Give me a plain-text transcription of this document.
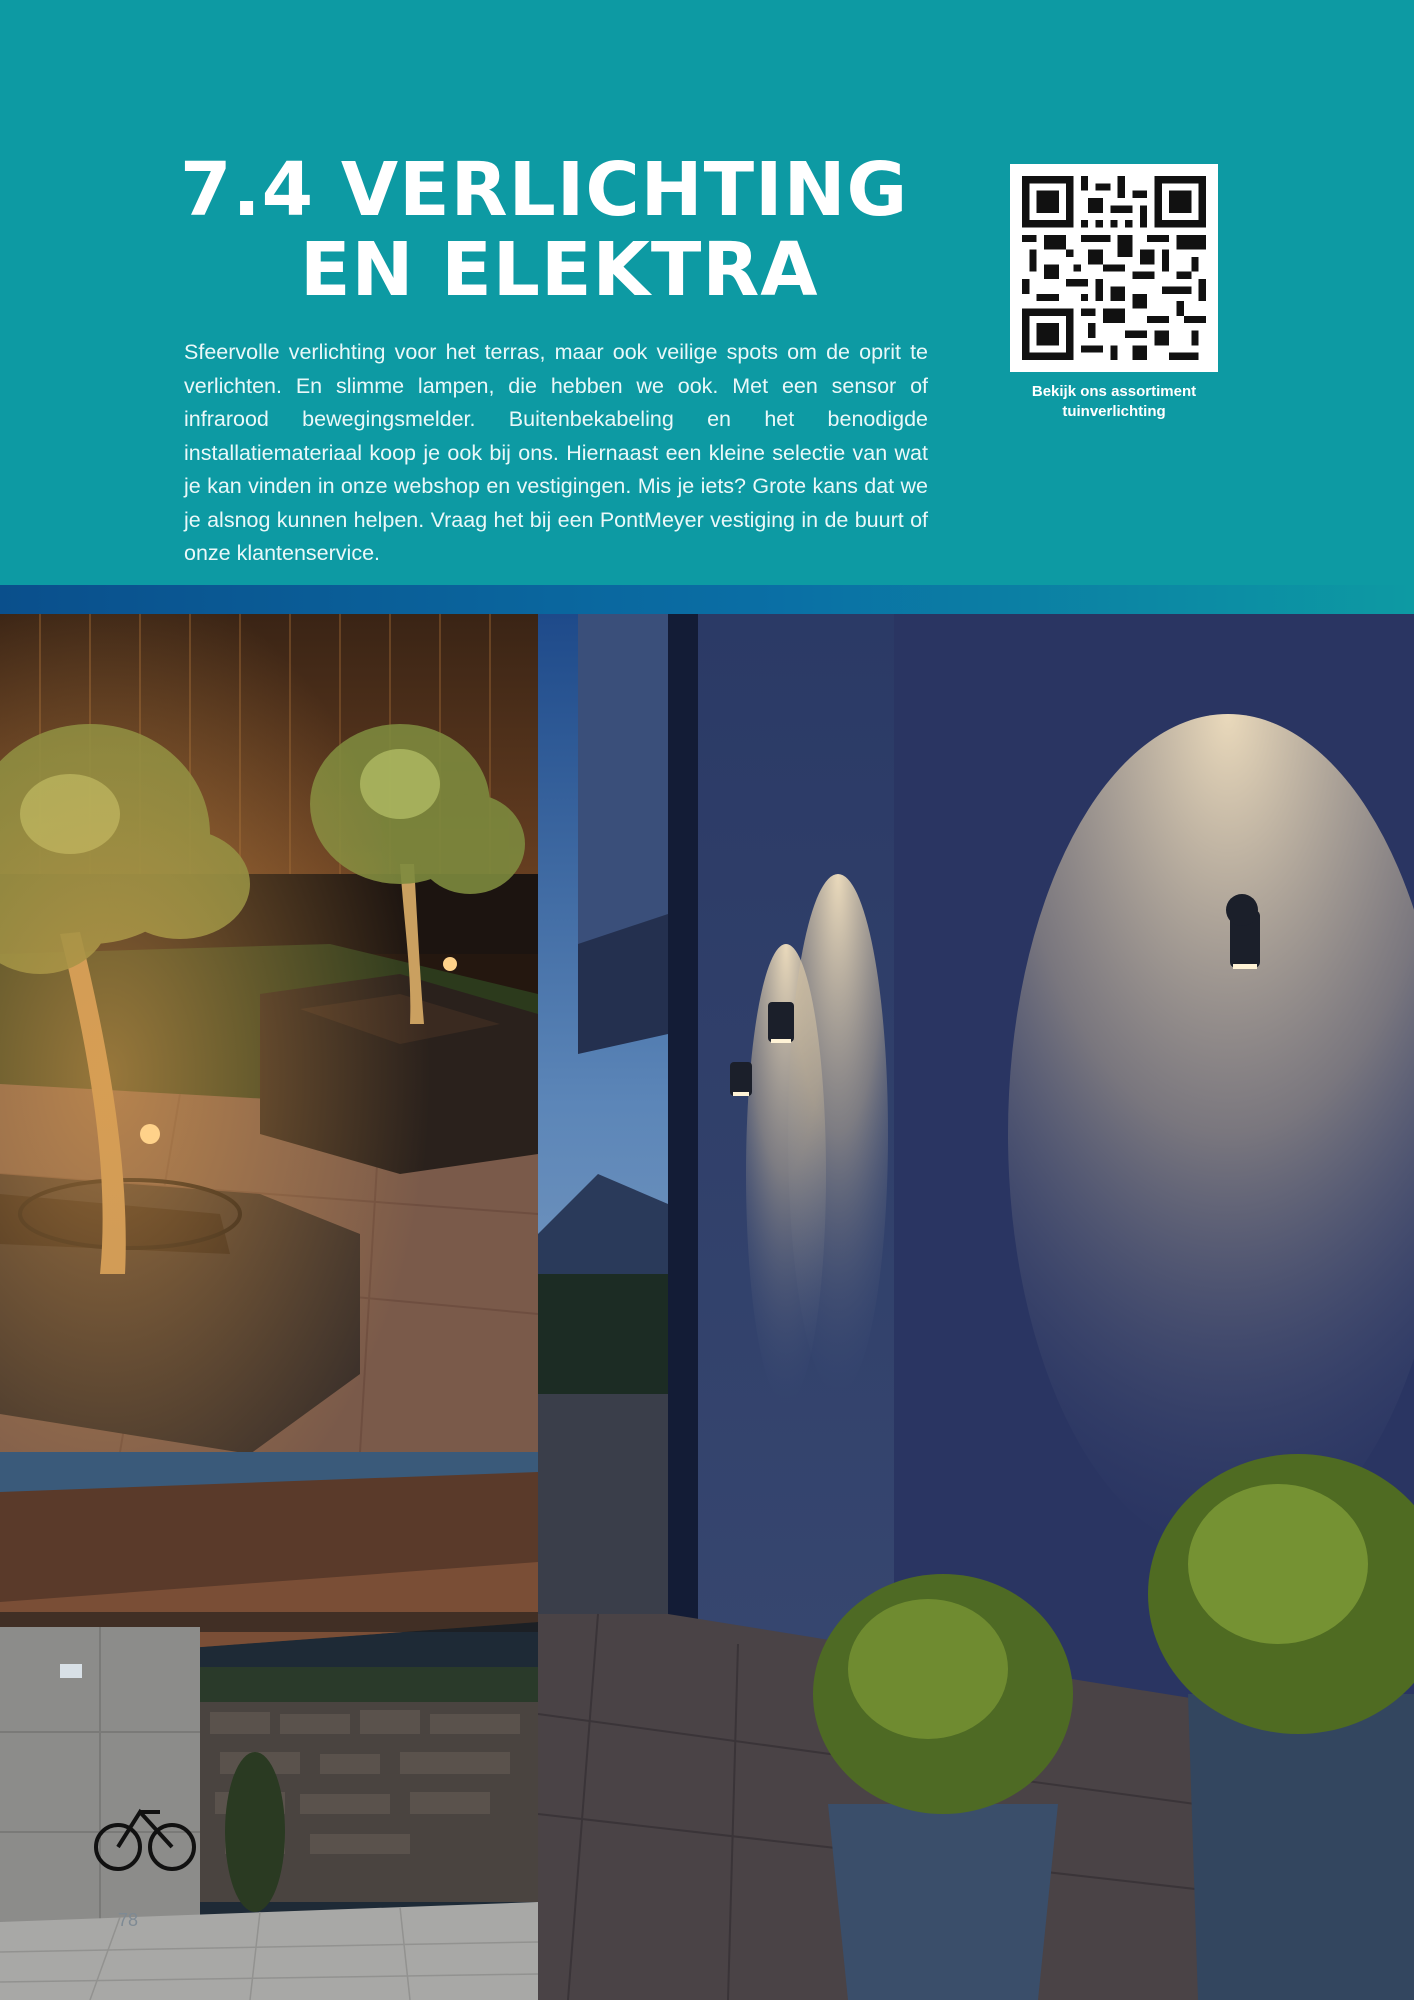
7.4 VERLICHTING
EN ELEKTRA

Sfeervolle verlichting voor het terras, maar ook veilige spots om de oprit te verlichten. En slimme lampen, die hebben we ook. Met een sensor of infrarood bewegingsmelder. Buitenbekabeling en het benodigde installatiemateriaal koop je ook bij ons. Hiernaast een kleine selectie van wat je kan vinden in onze webshop en vestigingen. Mis je iets? Grote kans dat we je alsnog kunnen helpen. Vraag het bij een PontMeyer vestiging in de buurt of onze klantenservice.

Bekijk ons assortiment
tuinverlichting

78
